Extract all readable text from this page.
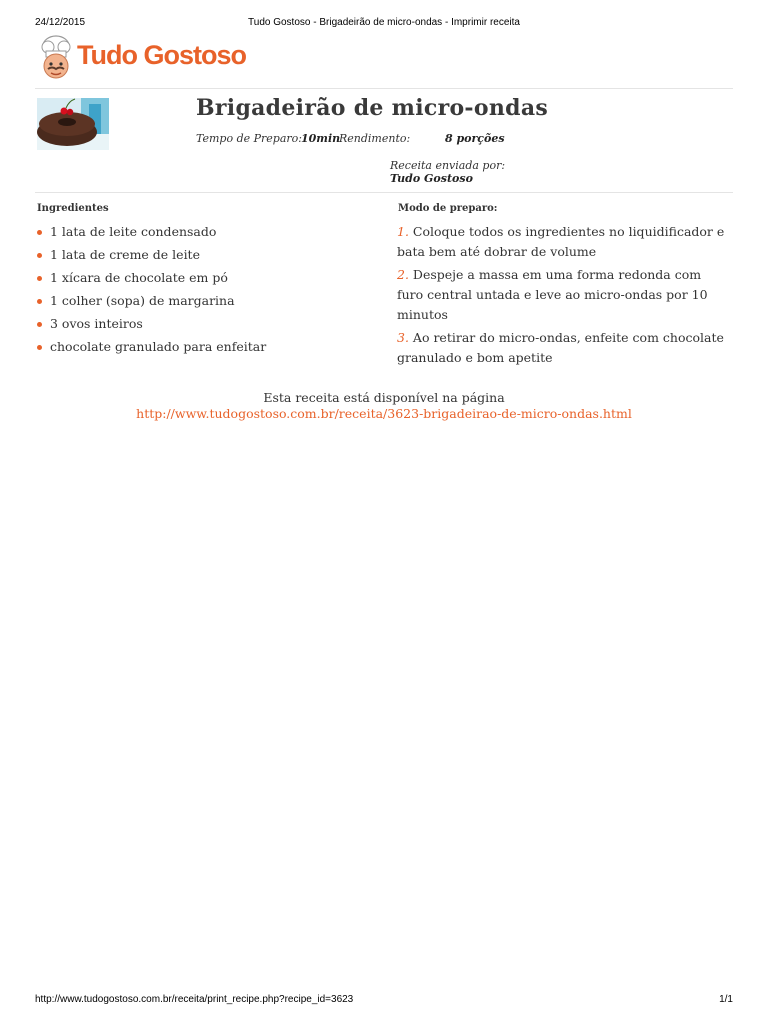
24/12/2015	Tudo Gostoso - Brigadeirão de micro-ondas - Imprimir receita
Tudo Gostoso
Brigadeirão de micro-ondas
Tempo de Preparo: 10min
Rendimento:	8 porções
Receita enviada por:
Tudo Gostoso
Ingredientes
1 lata de leite condensado
1 lata de creme de leite
1 xícara de chocolate em pó
1 colher (sopa) de margarina
3 ovos inteiros
chocolate granulado para enfeitar
Modo de preparo:
1. Coloque todos os ingredientes no liquidificador e bata bem até dobrar de volume
2. Despeje a massa em uma forma redonda com furo central untada e leve ao micro-ondas por 10 minutos
3. Ao retirar do micro-ondas, enfeite com chocolate granulado e bom apetite
Esta receita está disponível na página
http://www.tudogostoso.com.br/receita/3623-brigadeirao-de-micro-ondas.html
http://www.tudogostoso.com.br/receita/print_recipe.php?recipe_id=3623	1/1
